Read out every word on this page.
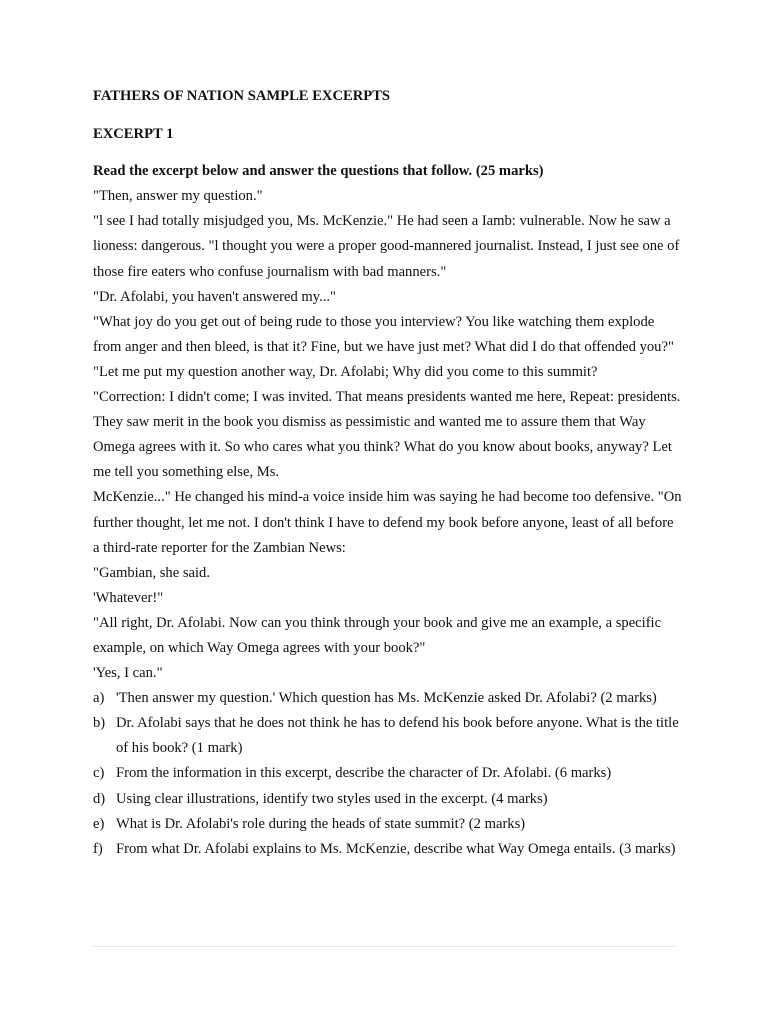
FATHERS OF NATION SAMPLE EXCERPTS

EXCERPT 1

Read the excerpt below and answer the questions that follow. (25 marks)

"Then, answer my question."

"l see I had totally misjudged you, Ms. McKenzie." He had seen a Iamb: vulnerable. Now he saw a lioness: dangerous. "l thought you were a proper good-mannered journalist. Instead, I just see one of those fire eaters who confuse journalism with bad manners."

"Dr. Afolabi, you haven't answered my..."

"What joy do you get out of being rude to those you interview? You like watching them explode from anger and then bleed, is that it? Fine, but we have just met? What did I do that offended you?"

"Let me put my question another way, Dr. Afolabi; Why did you come to this summit?

"Correction: I didn't come; I was invited. That means presidents wanted me here, Repeat: presidents. They saw merit in the book you dismiss as pessimistic and wanted me to assure them that Way Omega agrees with it. So who cares what you think? What do you know about books, anyway? Let me tell you something else, Ms.

McKenzie..." He changed his mind-a voice inside him was saying he had become too defensive. "On further thought, let me not. I don't think I have to defend my book before anyone, least of all before a third-rate reporter for the Zambian News:

"Gambian, she said.

'Whatever!"

"All right, Dr. Afolabi. Now can you think through your book and give me an example, a specific example, on which Way Omega agrees with your book?"

'Yes, I can."

a) 'Then answer my question.' Which question has Ms. McKenzie asked Dr. Afolabi? (2 marks)
b) Dr. Afolabi says that he does not think he has to defend his book before anyone. What is the title of his book? (1 mark)
c) From the information in this excerpt, describe the character of Dr. Afolabi. (6 marks)
d) Using clear illustrations, identify two styles used in the excerpt. (4 marks)
e) What is Dr. Afolabi's role during the heads of state summit? (2 marks)
f) From what Dr. Afolabi explains to Ms. McKenzie, describe what Way Omega entails. (3 marks)
